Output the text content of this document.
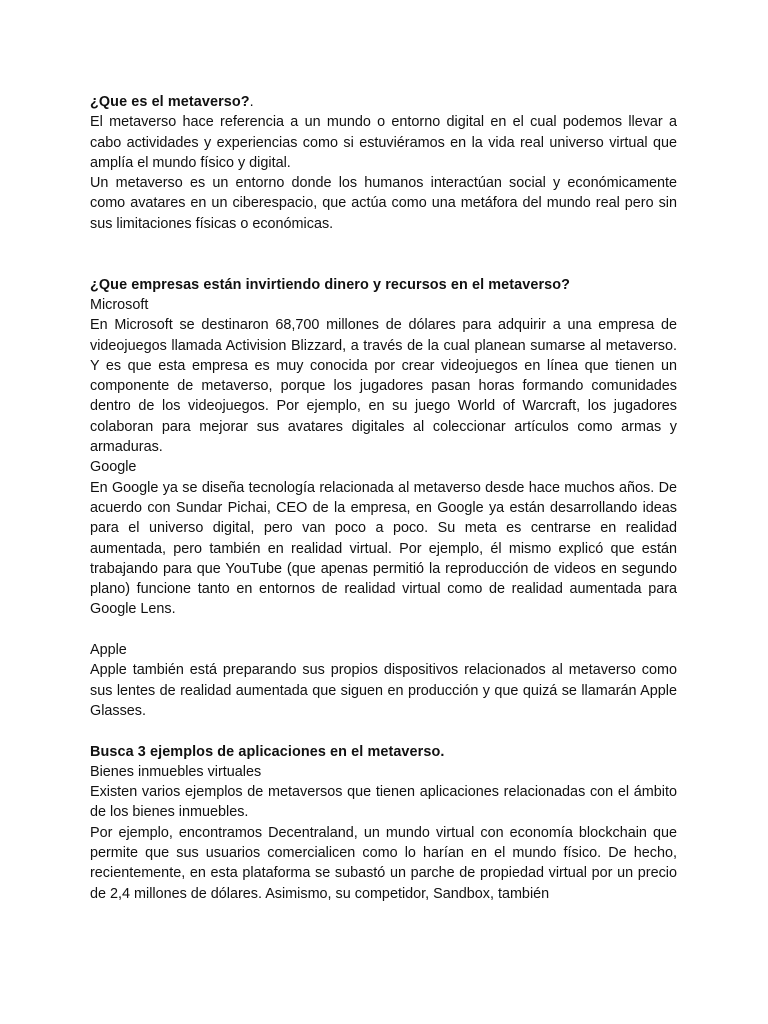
¿Que es el metaverso?.

El metaverso hace referencia a un mundo o entorno digital en el cual podemos llevar a cabo actividades y experiencias como si estuviéramos en la vida real universo virtual que amplía el mundo físico y digital.

Un metaverso es un entorno donde los humanos interactúan social y económicamente como avatares en un ciberespacio, que actúa como una metáfora del mundo real pero sin sus limitaciones físicas o económicas.

¿Que empresas están invirtiendo dinero y recursos en el metaverso?

Microsoft

En Microsoft se destinaron 68,700 millones de dólares para adquirir a una empresa de videojuegos llamada Activision Blizzard, a través de la cual planean sumarse al metaverso. Y es que esta empresa es muy conocida por crear videojuegos en línea que tienen un componente de metaverso, porque los jugadores pasan horas formando comunidades dentro de los videojuegos. Por ejemplo, en su juego World of Warcraft, los jugadores colaboran para mejorar sus avatares digitales al coleccionar artículos como armas y armaduras.

Google

En Google ya se diseña tecnología relacionada al metaverso desde hace muchos años. De acuerdo con Sundar Pichai, CEO de la empresa, en Google ya están desarrollando ideas para el universo digital, pero van poco a poco. Su meta es centrarse en realidad aumentada, pero también en realidad virtual. Por ejemplo, él mismo explicó que están trabajando para que YouTube (que apenas permitió la reproducción de videos en segundo plano) funcione tanto en entornos de realidad virtual como de realidad aumentada para Google Lens.

Apple

Apple también está preparando sus propios dispositivos relacionados al metaverso como sus lentes de realidad aumentada que siguen en producción y que quizá se llamarán Apple Glasses.

Busca 3 ejemplos de aplicaciones en el metaverso.

Bienes inmuebles virtuales

Existen varios ejemplos de metaversos que tienen aplicaciones relacionadas con el ámbito de los bienes inmuebles.

Por ejemplo, encontramos Decentraland, un mundo virtual con economía blockchain que permite que sus usuarios comercialicen como lo harían en el mundo físico. De hecho, recientemente, en esta plataforma se subastó un parche de propiedad virtual por un precio de 2,4 millones de dólares. Asimismo, su competidor, Sandbox, también
